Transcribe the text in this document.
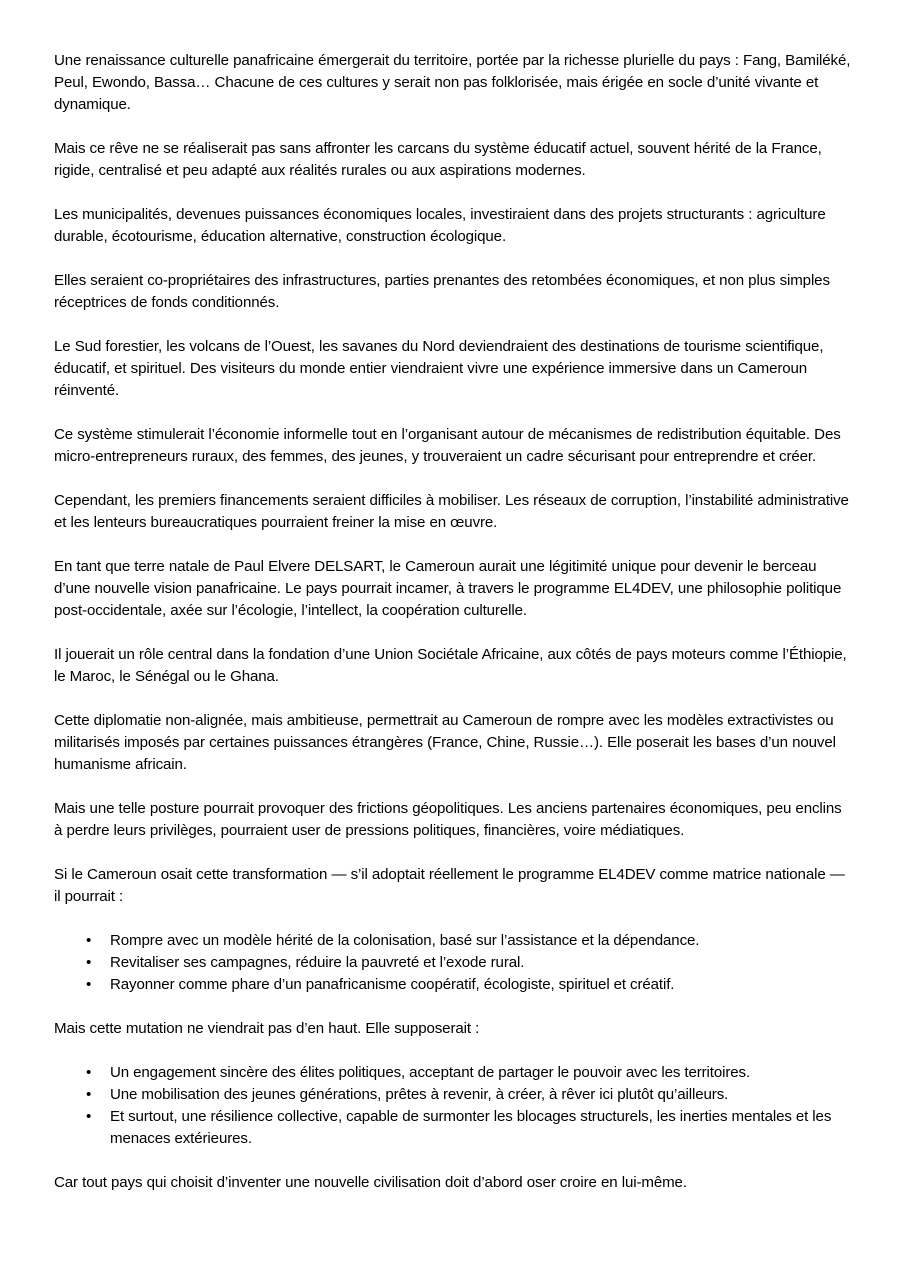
Une renaissance culturelle panafricaine émergerait du territoire, portée par la richesse plurielle du pays : Fang, Bamiléké, Peul, Ewondo, Bassa… Chacune de ces cultures y serait non pas folklorisée, mais érigée en socle d’unité vivante et dynamique.

Mais ce rêve ne se réaliserait pas sans affronter les carcans du système éducatif actuel, souvent hérité de la France, rigide, centralisé et peu adapté aux réalités rurales ou aux aspirations modernes.

Les municipalités, devenues puissances économiques locales, investiraient dans des projets structurants : agriculture durable, écotourisme, éducation alternative, construction écologique.

Elles seraient co-propriétaires des infrastructures, parties prenantes des retombées économiques, et non plus simples réceptrices de fonds conditionnés.

Le Sud forestier, les volcans de l’Ouest, les savanes du Nord deviendraient des destinations de tourisme scientifique, éducatif, et spirituel. Des visiteurs du monde entier viendraient vivre une expérience immersive dans un Cameroun réinventé.

Ce système stimulerait l’économie informelle tout en l’organisant autour de mécanismes de redistribution équitable. Des micro-entrepreneurs ruraux, des femmes, des jeunes, y trouveraient un cadre sécurisant pour entreprendre et créer.

Cependant, les premiers financements seraient difficiles à mobiliser. Les réseaux de corruption, l’instabilité administrative et les lenteurs bureaucratiques pourraient freiner la mise en œuvre.

En tant que terre natale de Paul Elvere DELSART, le Cameroun aurait une légitimité unique pour devenir le berceau d’une nouvelle vision panafricaine. Le pays pourrait incamer, à travers le programme EL4DEV, une philosophie politique post-occidentale, axée sur l’écologie, l’intellect, la coopération culturelle.

Il jouerait un rôle central dans la fondation d’une Union Sociétale Africaine, aux côtés de pays moteurs comme l’Éthiopie, le Maroc, le Sénégal ou le Ghana.

Cette diplomatie non-alignée, mais ambitieuse, permettrait au Cameroun de rompre avec les modèles extractivistes ou militarisés imposés par certaines puissances étrangères (France, Chine, Russie…). Elle poserait les bases d’un nouvel humanisme africain.

Mais une telle posture pourrait provoquer des frictions géopolitiques. Les anciens partenaires économiques, peu enclins à perdre leurs privilèges, pourraient user de pressions politiques, financières, voire médiatiques.

Si le Cameroun osait cette transformation — s’il adoptait réellement le programme EL4DEV comme matrice nationale — il pourrait :

• Rompre avec un modèle hérité de la colonisation, basé sur l’assistance et la dépendance.
• Revitaliser ses campagnes, réduire la pauvreté et l’exode rural.
• Rayonner comme phare d’un panafricanisme coopératif, écologiste, spirituel et créatif.

Mais cette mutation ne viendrait pas d’en haut. Elle supposerait :

• Un engagement sincère des élites politiques, acceptant de partager le pouvoir avec les territoires.
• Une mobilisation des jeunes générations, prêtes à revenir, à créer, à rêver ici plutôt qu’ailleurs.
• Et surtout, une résilience collective, capable de surmonter les blocages structurels, les inerties mentales et les menaces extérieures.

Car tout pays qui choisit d’inventer une nouvelle civilisation doit d’abord oser croire en lui-même.
